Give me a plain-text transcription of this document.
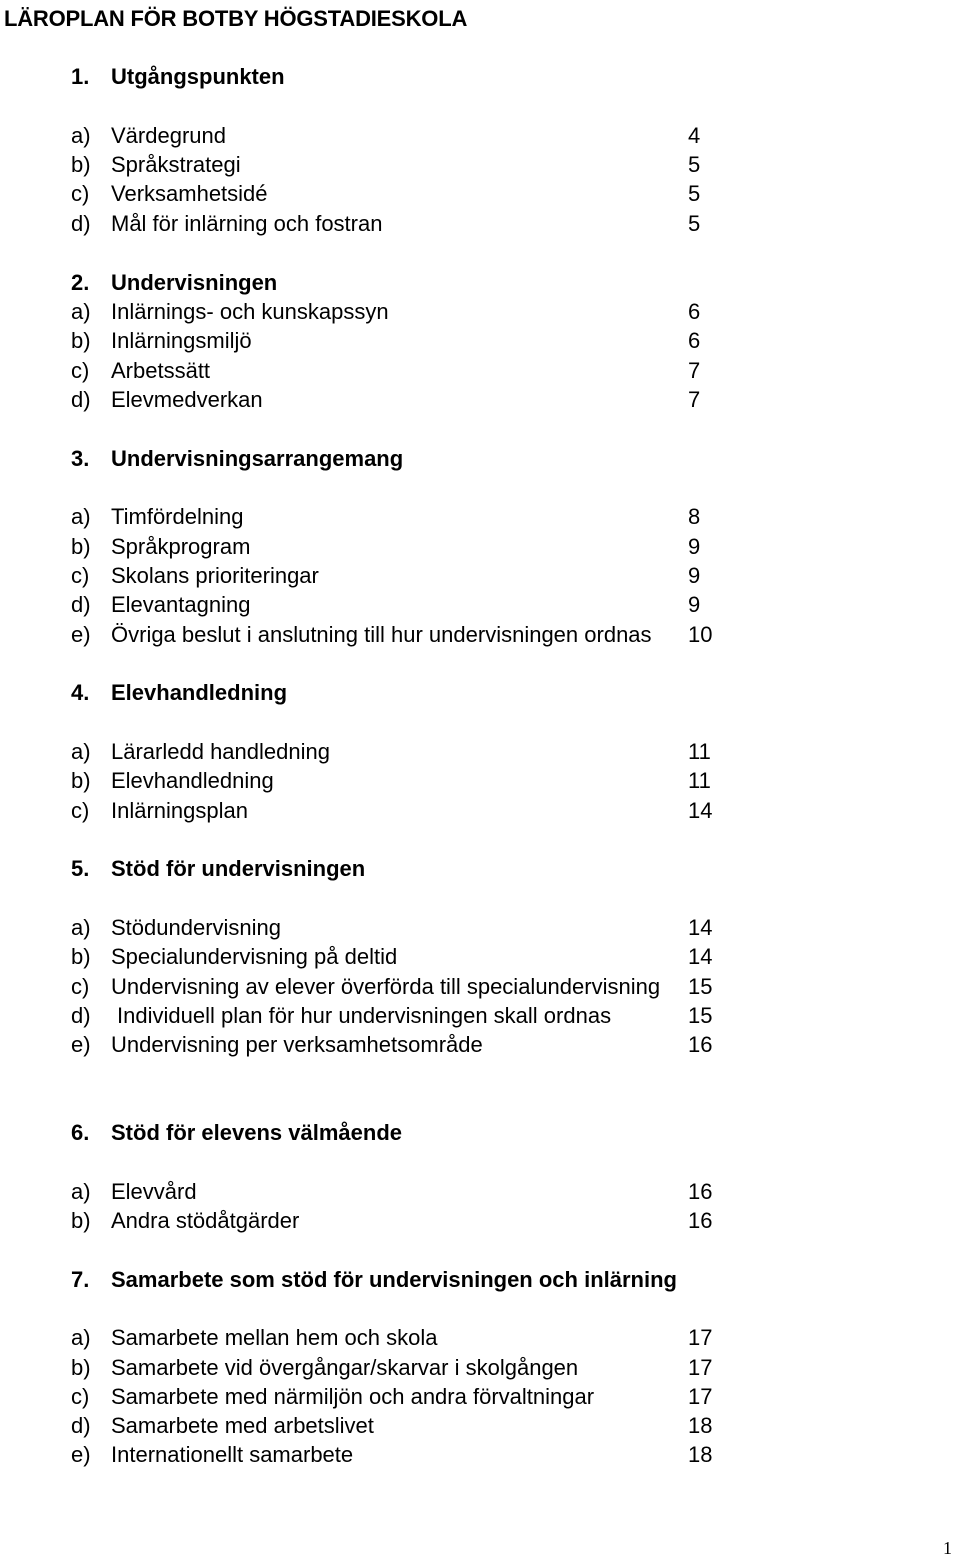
LÄROPLAN FÖR BOTBY HÖGSTADIESKOLA
1. Utgångspunkten
a) Värdegrund	4
b) Språkstrategi	5
c) Verksamhetsidé	5
d) Mål för inlärning och fostran	5
2. Undervisningen
a) Inlärnings- och kunskapssyn	6
b) Inlärningsmiljö	6
c) Arbetssätt	7
d) Elevmedverkan	7
3. Undervisningsarrangemang
a) Timfördelning	8
b) Språkprogram	9
c) Skolans prioriteringar	9
d) Elevantagning	9
e) Övriga beslut i anslutning till hur undervisningen ordnas 10
4. Elevhandledning
a) Lärarledd handledning	11
b) Elevhandledning	11
c) Inlärningsplan	14
5. Stöd för undervisningen
a) Stödundervisning	14
b) Specialundervisning på deltid	14
c) Undervisning av elever överförda till specialundervisning 15
d) Individuell plan för hur undervisningen skall ordnas	15
e) Undervisning per verksamhetsområde	16
6. Stöd för elevens välmående
a) Elevvård	16
b) Andra stödåtgärder	16
7. Samarbete som stöd för undervisningen och inlärning
a) Samarbete mellan hem och skola	17
b) Samarbete vid övergångar/skarvar i skolgången	17
c) Samarbete med närmiljön och andra förvaltningar	17
d) Samarbete med arbetslivet	18
e) Internationellt samarbete	18
1
